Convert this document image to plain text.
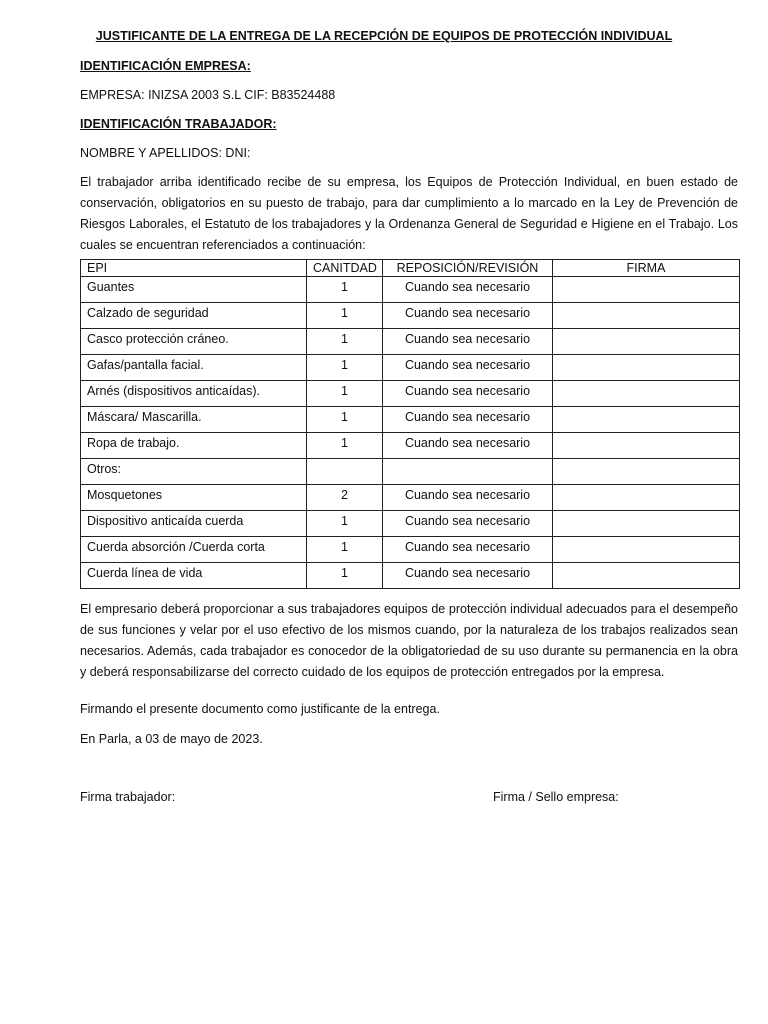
JUSTIFICANTE DE LA ENTREGA DE LA RECEPCIÓN DE EQUIPOS DE PROTECCIÓN INDIVIDUAL
IDENTIFICACIÓN EMPRESA:
EMPRESA: INIZSA 2003 S.L CIF: B83524488
IDENTIFICACIÓN TRABAJADOR:
NOMBRE Y APELLIDOS: DNI:
El trabajador arriba identificado recibe de su empresa, los Equipos de Protección Individual, en buen estado de conservación, obligatorios en su puesto de trabajo, para dar cumplimiento a lo marcado en la Ley de Prevención de Riesgos Laborales, el Estatuto de los trabajadores y la Ordenanza General de Seguridad e Higiene en el Trabajo. Los cuales se encuentran referenciados a continuación:
EPI	CANITDAD	REPOSICIÓN/REVISIÓN	FIRMA
Guantes	1	Cuando sea necesario	
Calzado de seguridad	1	Cuando sea necesario	
Casco protección cráneo.	1	Cuando sea necesario	
Gafas/pantalla facial.	1	Cuando sea necesario	
Arnés (dispositivos anticaídas).	1	Cuando sea necesario	
Máscara/ Mascarilla.	1	Cuando sea necesario	
Ropa de trabajo.	1	Cuando sea necesario	
Otros:			
Mosquetones	2	Cuando sea necesario	
Dispositivo anticaída cuerda	1	Cuando sea necesario	
Cuerda absorción /Cuerda corta	1	Cuando sea necesario	
Cuerda línea de vida	1	Cuando sea necesario	
El empresario deberá proporcionar a sus trabajadores equipos de protección individual adecuados para el desempeño de sus funciones y velar por el uso efectivo de los mismos cuando, por la naturaleza de los trabajos realizados sean necesarios. Además, cada trabajador es conocedor de la obligatoriedad de su uso durante su permanencia en la obra y deberá responsabilizarse del correcto cuidado de los equipos de protección entregados por la empresa.
Firmando el presente documento como justificante de la entrega.
En Parla, a 03 de mayo de 2023.
Firma trabajador:	Firma / Sello empresa:
